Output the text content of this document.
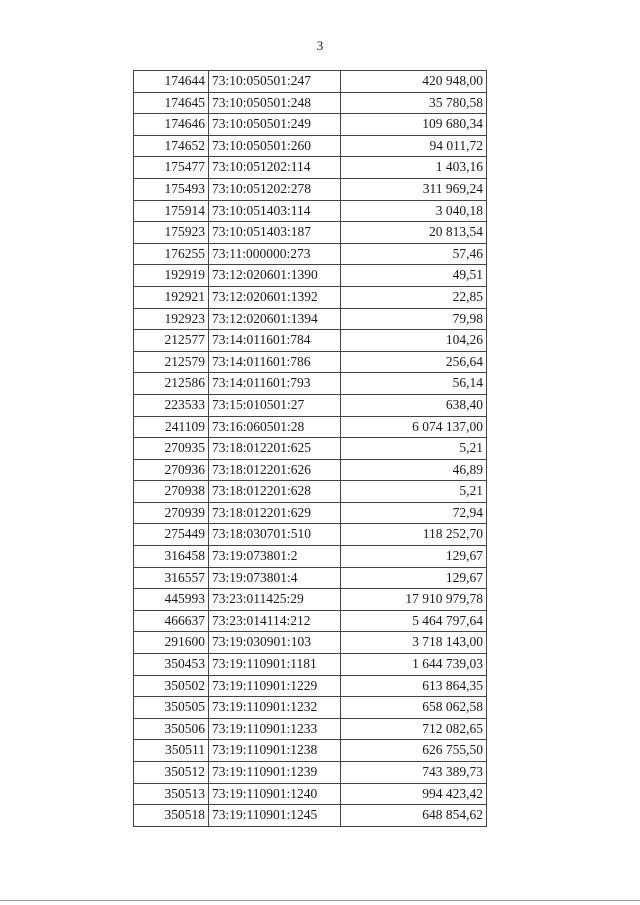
3
174644	73:10:050501:247	420 948,00
174645	73:10:050501:248	35 780,58
174646	73:10:050501:249	109 680,34
174652	73:10:050501:260	94 011,72
175477	73:10:051202:114	1 403,16
175493	73:10:051202:278	311 969,24
175914	73:10:051403:114	3 040,18
175923	73:10:051403:187	20 813,54
176255	73:11:000000:273	57,46
192919	73:12:020601:1390	49,51
192921	73:12:020601:1392	22,85
192923	73:12:020601:1394	79,98
212577	73:14:011601:784	104,26
212579	73:14:011601:786	256,64
212586	73:14:011601:793	56,14
223533	73:15:010501:27	638,40
241109	73:16:060501:28	6 074 137,00
270935	73:18:012201:625	5,21
270936	73:18:012201:626	46,89
270938	73:18:012201:628	5,21
270939	73:18:012201:629	72,94
275449	73:18:030701:510	118 252,70
316458	73:19:073801:2	129,67
316557	73:19:073801:4	129,67
445993	73:23:011425:29	17 910 979,78
466637	73:23:014114:212	5 464 797,64
291600	73:19:030901:103	3 718 143,00
350453	73:19:110901:1181	1 644 739,03
350502	73:19:110901:1229	613 864,35
350505	73:19:110901:1232	658 062,58
350506	73:19:110901:1233	712 082,65
350511	73:19:110901:1238	626 755,50
350512	73:19:110901:1239	743 389,73
350513	73:19:110901:1240	994 423,42
350518	73:19:110901:1245	648 854,62
